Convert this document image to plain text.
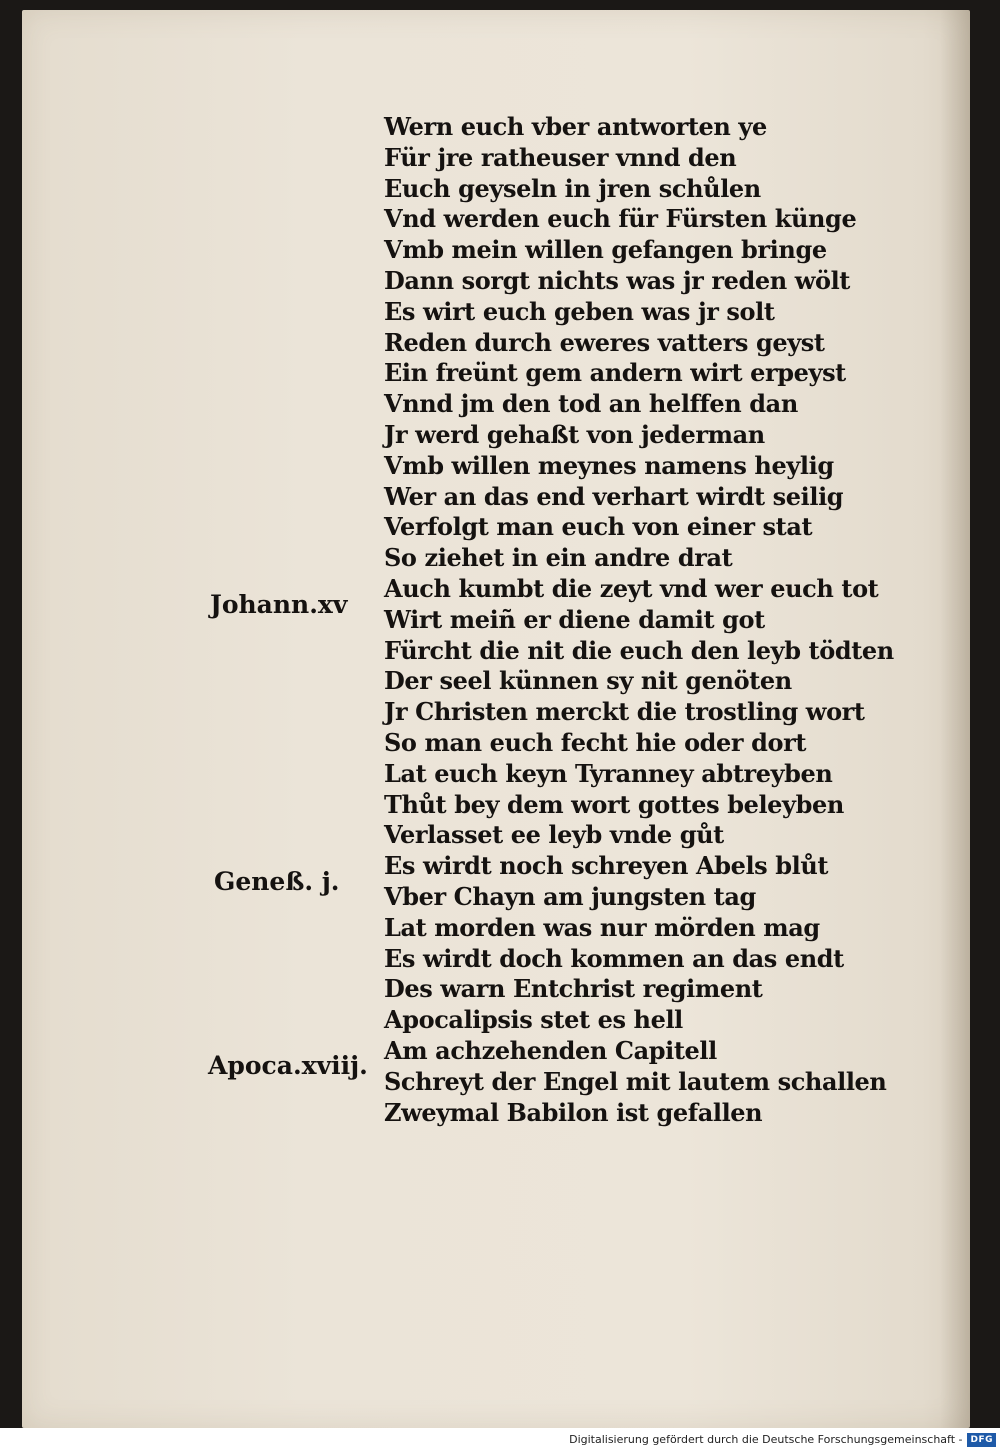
Wern euch vber antworten ye
Für jre ratheuser vnnd den
Euch geyseln in jren schůlen
Vnd werden euch für Fürsten künge
Vmb mein willen gefangen bringe
Dann sorgt nichts was jr reden wölt
Es wirt euch geben was jr solt
Reden durch eweres vatters geyst
Ein freünt gem andern wirt erpeyst
Vnnd jm den tod an helffen dan
Jr werd gehaßt von jederman
Vmb willen meynes namens heylig
Wer an das end verhart wirdt seilig
Verfolgt man euch von einer stat
So ziehet in ein andre drat
Auch kumbt die zeyt vnd wer euch tot
Wirt meiñ er diene damit got
Fürcht die nit die euch den leyb tödten
Der seel künnen sy nit genöten
Jr Christen merckt die trostling wort
So man euch fecht hie oder dort
Lat euch keyn Tyranney abtreyben
Thůt bey dem wort gottes beleyben
Verlasset ee leyb vnde gůt
Es wirdt noch schreyen Abels blůt
Vber Chayn am jungsten tag
Lat morden was nur mörden mag
Es wirdt doch kommen an das endt
Des warn Entchrist regiment
Apocalipsis stet es hell
Am achzehenden Capitell
Schreyt der Engel mit lautem schallen
Zweymal Babilon ist gefallen
Johann.xv
Geneß. j.
Apoca.xviij.
Digitalisierung gefördert durch die Deutsche Forschungsgemeinschaft - DFG
